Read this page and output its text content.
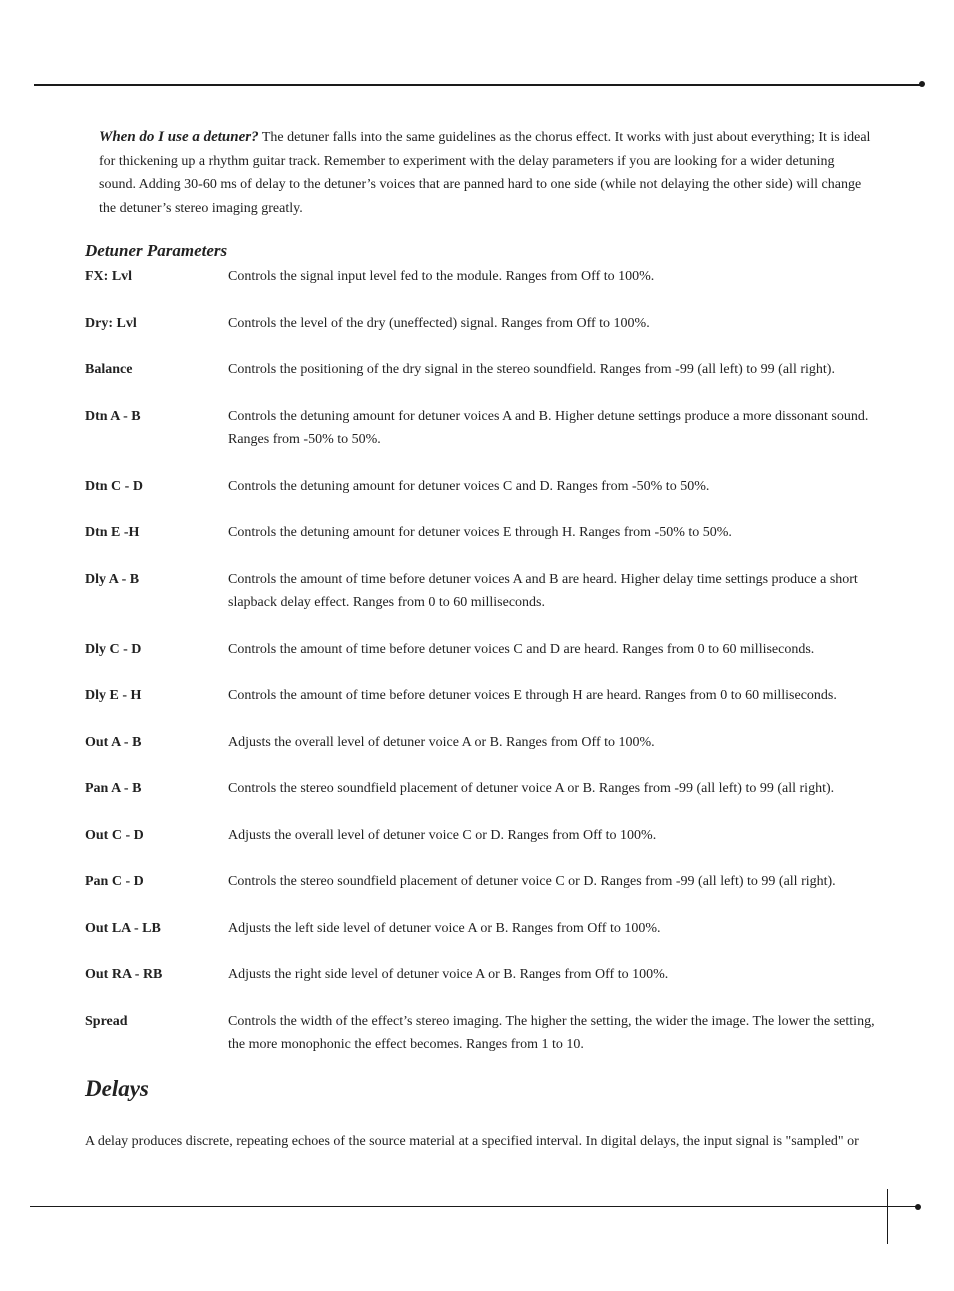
When do I use a detuner? The detuner falls into the same guidelines as the chorus effect. It works with just about everything; It is ideal for thickening up a rhythm guitar track. Remember to experiment with the delay parameters if you are looking for a wider detuning sound. Adding 30-60 ms of delay to the detuner’s voices that are panned hard to one side (while not delaying the other side) will change the detuner’s stereo imaging greatly.

Detuner Parameters
FX: Lvl	Controls the signal input level fed to the module. Ranges from Off to 100%.
Dry: Lvl	Controls the level of the dry (uneffected) signal. Ranges from Off to 100%.
Balance	Controls the positioning of the dry signal in the stereo soundfield. Ranges from -99 (all left) to 99 (all right).
Dtn A - B	Controls the detuning amount for detuner voices A and B. Higher detune settings produce a more dissonant sound. Ranges from -50% to 50%.
Dtn C - D	Controls the detuning amount for detuner voices C and D. Ranges from -50% to 50%.
Dtn E -H	Controls the detuning amount for detuner voices E through H. Ranges from -50% to 50%.
Dly A - B	Controls the amount of time before detuner voices A and B are heard. Higher delay time settings produce a short slapback delay effect. Ranges from 0 to 60 milliseconds.
Dly C - D	Controls the amount of time before detuner voices C and D are heard. Ranges from 0 to 60 milliseconds.
Dly E - H	Controls the amount of time before detuner voices E through H are heard. Ranges from 0 to 60 milliseconds.
Out A - B	Adjusts the overall level of detuner voice A or B. Ranges from Off to 100%.
Pan A - B	Controls the stereo soundfield placement of detuner voice A or B. Ranges from -99 (all left) to 99 (all right).
Out C - D	Adjusts the overall level of detuner voice C or D. Ranges from Off to 100%.
Pan C - D	Controls the stereo soundfield placement of detuner voice C or D. Ranges from -99 (all left) to 99 (all right).
Out LA - LB	Adjusts the left side level of detuner voice A or B. Ranges from Off to 100%.
Out RA - RB	Adjusts the right side level of detuner voice A or B. Ranges from Off to 100%.
Spread	Controls the width of the effect’s stereo imaging. The higher the setting, the wider the image. The lower the setting, the more monophonic the effect becomes. Ranges from 1 to 10.
Delays

A delay produces discrete, repeating echoes of the source material at a specified interval. In digital delays, the input signal is "sampled" or
